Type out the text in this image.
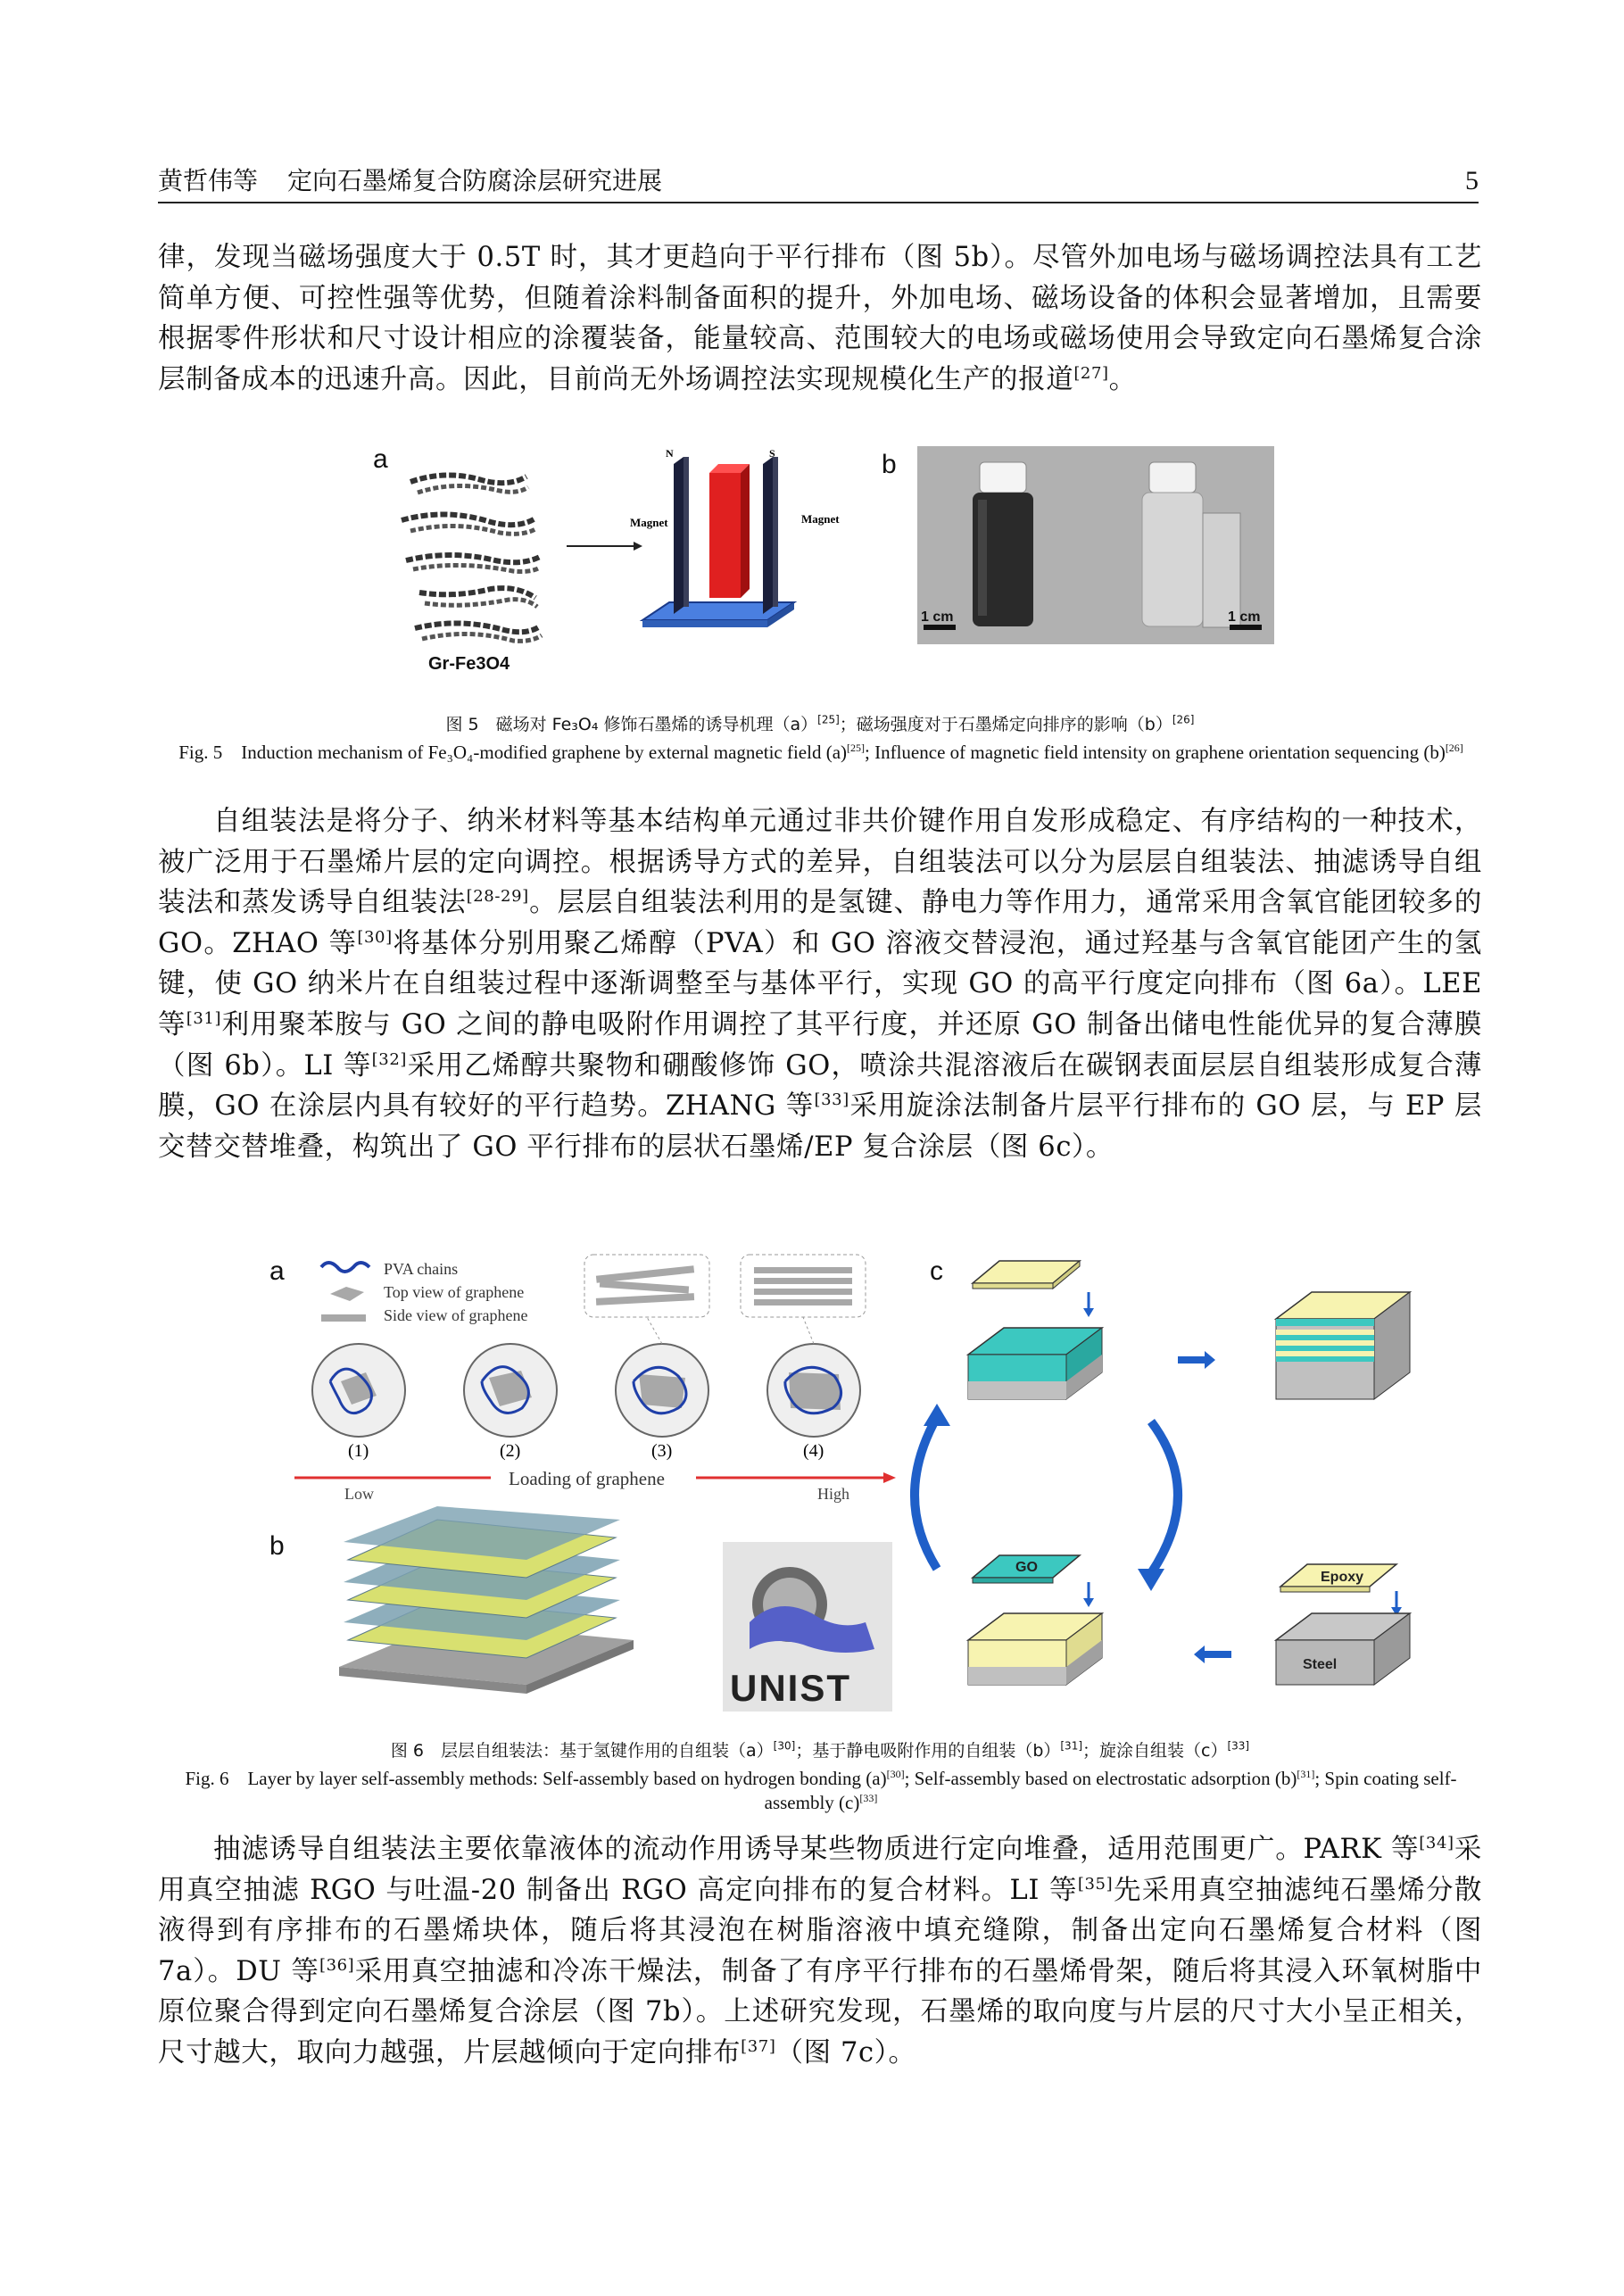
黄哲伟等 定向石墨烯复合防腐涂层研究进展	5

律，发现当磁场强度大于 0.5T 时，其才更趋向于平行排布（图 5b）。尽管外加电场与磁场调控法具有工艺简单方便、可控性强等优势，但随着涂料制备面积的提升，外加电场、磁场设备的体积会显著增加，且需要根据零件形状和尺寸设计相应的涂覆装备，能量较高、范围较大的电场或磁场使用会导致定向石墨烯复合涂层制备成本的迅速升高。因此，目前尚无外场调控法实现规模化生产的报道[27]。

a
Gr-Fe3O4
N	S
Magnet	Magnet
b
1 cm	1 cm
图 5　磁场对 Fe₃O₄ 修饰石墨烯的诱导机理（a）[25]；磁场强度对于石墨烯定向排序的影响（b）[26]
Fig. 5　Induction mechanism of Fe₃O₄-modified graphene by external magnetic field (a)[25]; Influence of magnetic field intensity on graphene orientation sequencing (b)[26]

自组装法是将分子、纳米材料等基本结构单元通过非共价键作用自发形成稳定、有序结构的一种技术，被广泛用于石墨烯片层的定向调控。根据诱导方式的差异，自组装法可以分为层层自组装法、抽滤诱导自组装法和蒸发诱导自组装法[28-29]。层层自组装法利用的是氢键、静电力等作用力，通常采用含氧官能团较多的 GO。ZHAO 等[30]将基体分别用聚乙烯醇（PVA）和 GO 溶液交替浸泡，通过羟基与含氧官能团产生的氢键，使 GO 纳米片在自组装过程中逐渐调整至与基体平行，实现 GO 的高平行度定向排布（图 6a）。LEE 等[31]利用聚苯胺与 GO 之间的静电吸附作用调控了其平行度，并还原 GO 制备出储电性能优异的复合薄膜（图 6b）。LI 等[32]采用乙烯醇共聚物和硼酸修饰 GO，喷涂共混溶液后在碳钢表面层层自组装形成复合薄膜，GO 在涂层内具有较好的平行趋势。ZHANG 等[33]采用旋涂法制备片层平行排布的 GO 层，与 EP 层交替交替堆叠，构筑出了 GO 平行排布的层状石墨烯/EP 复合涂层（图 6c）。

a	PVA chains
Top view of graphene
Side view of graphene
(1)	(2)	(3)	(4)
Loading of graphene
Low	High
b
UNIST
c
GO
Epoxy
Steel
图 6　层层自组装法：基于氢键作用的自组装（a）[30]；基于静电吸附作用的自组装（b）[31]；旋涂自组装（c）[33]
Fig. 6　Layer by layer self-assembly methods: Self-assembly based on hydrogen bonding (a)[30]; Self-assembly based on electrostatic adsorption (b)[31]; Spin coating self-assembly (c)[33]

抽滤诱导自组装法主要依靠液体的流动作用诱导某些物质进行定向堆叠，适用范围更广。PARK 等[34]采用真空抽滤 RGO 与吐温-20 制备出 RGO 高定向排布的复合材料。LI 等[35]先采用真空抽滤纯石墨烯分散液得到有序排布的石墨烯块体，随后将其浸泡在树脂溶液中填充缝隙，制备出定向石墨烯复合材料（图 7a）。DU 等[36]采用真空抽滤和冷冻干燥法，制备了有序平行排布的石墨烯骨架，随后将其浸入环氧树脂中原位聚合得到定向石墨烯复合涂层（图 7b）。上述研究发现，石墨烯的取向度与片层的尺寸大小呈正相关，尺寸越大，取向力越强，片层越倾向于定向排布[37]（图 7c）。
